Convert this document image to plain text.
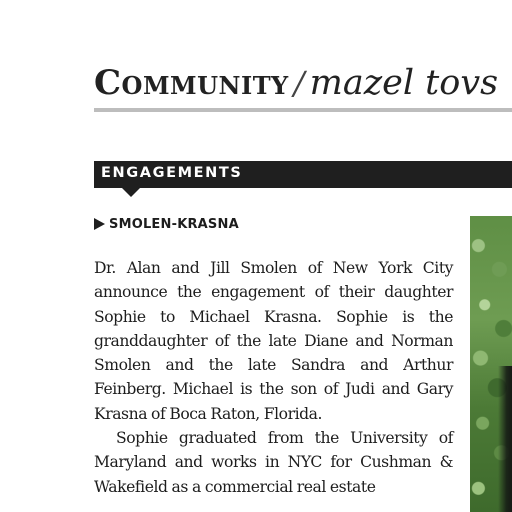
Community / mazel tovs
ENGAGEMENTS
SMOLEN-KRASNA

Dr. Alan and Jill Smolen of New York City announce the engagement of their daughter Sophie to Michael Krasna. Sophie is the granddaughter of the late Diane and Norman Smolen and the late Sandra and Arthur Feinberg. Michael is the son of Judi and Gary Krasna of Boca Raton, Florida.

Sophie graduated from the University of Maryland and works in NYC for Cushman & Wakefield as a commercial real estate
